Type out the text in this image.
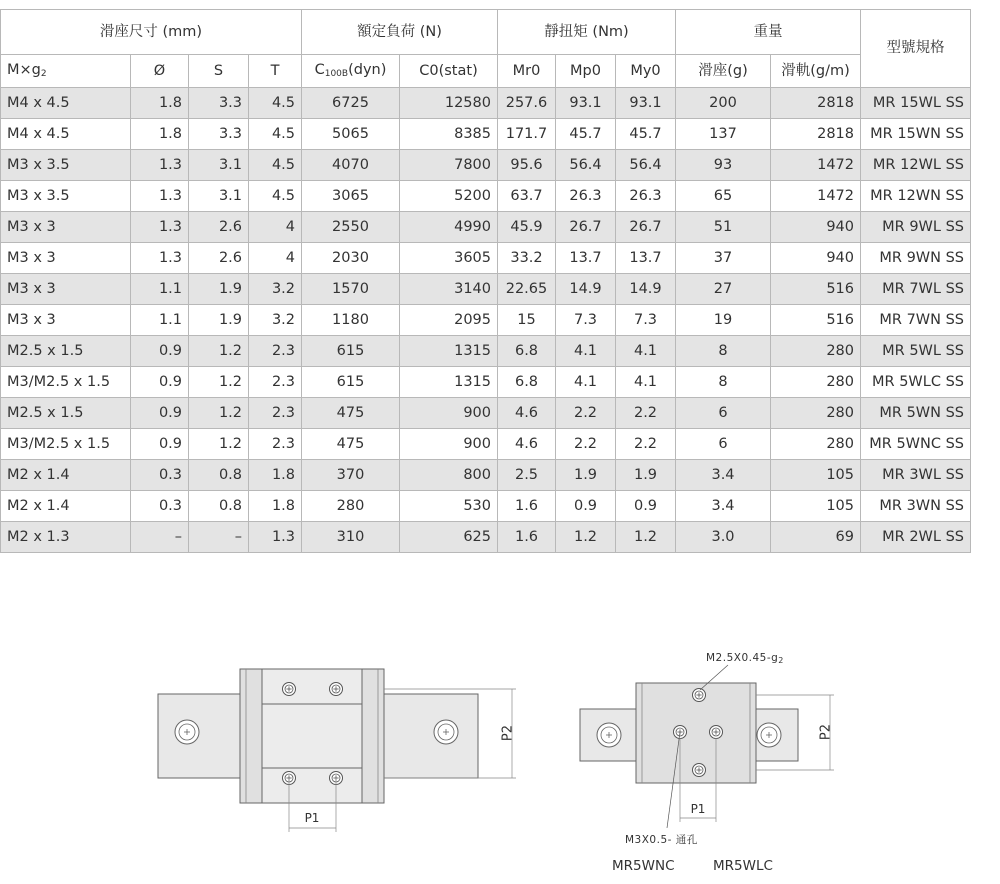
滑座尺寸 (mm)				額定負荷 (N)		靜扭矩 (Nm)			重量		型號規格
M×g2	Ø	S	T	C100B(dyn)	C0(stat)	Mr0	Mp0	My0	滑座(g)	滑軌(g/m)	
M4 x 4.5	1.8	3.3	4.5	6725	12580	257.6	93.1	93.1	200	2818	MR 15WL SS
M4 x 4.5	1.8	3.3	4.5	5065	8385	171.7	45.7	45.7	137	2818	MR 15WN SS
M3 x 3.5	1.3	3.1	4.5	4070	7800	95.6	56.4	56.4	93	1472	MR 12WL SS
M3 x 3.5	1.3	3.1	4.5	3065	5200	63.7	26.3	26.3	65	1472	MR 12WN SS
M3 x 3	1.3	2.6	4	2550	4990	45.9	26.7	26.7	51	940	MR 9WL SS
M3 x 3	1.3	2.6	4	2030	3605	33.2	13.7	13.7	37	940	MR 9WN SS
M3 x 3	1.1	1.9	3.2	1570	3140	22.65	14.9	14.9	27	516	MR 7WL SS
M3 x 3	1.1	1.9	3.2	1180	2095	15	7.3	7.3	19	516	MR 7WN SS
M2.5 x 1.5	0.9	1.2	2.3	615	1315	6.8	4.1	4.1	8	280	MR 5WL SS
M3/M2.5 x 1.5	0.9	1.2	2.3	615	1315	6.8	4.1	4.1	8	280	MR 5WLC SS
M2.5 x 1.5	0.9	1.2	2.3	475	900	4.6	2.2	2.2	6	280	MR 5WN SS
M3/M2.5 x 1.5	0.9	1.2	2.3	475	900	4.6	2.2	2.2	6	280	MR 5WNC SS
M2 x 1.4	0.3	0.8	1.8	370	800	2.5	1.9	1.9	3.4	105	MR 3WL SS
M2 x 1.4	0.3	0.8	1.8	280	530	1.6	0.9	0.9	3.4	105	MR 3WN SS
M2 x 1.3	–	–	1.3	310	625	1.6	1.2	1.2	3.0	69	MR 2WL SS
P2
P1
M2.5X0.45-g2
P2
P1
M3X0.5- 通孔
MR5WNC	MR5WLC
